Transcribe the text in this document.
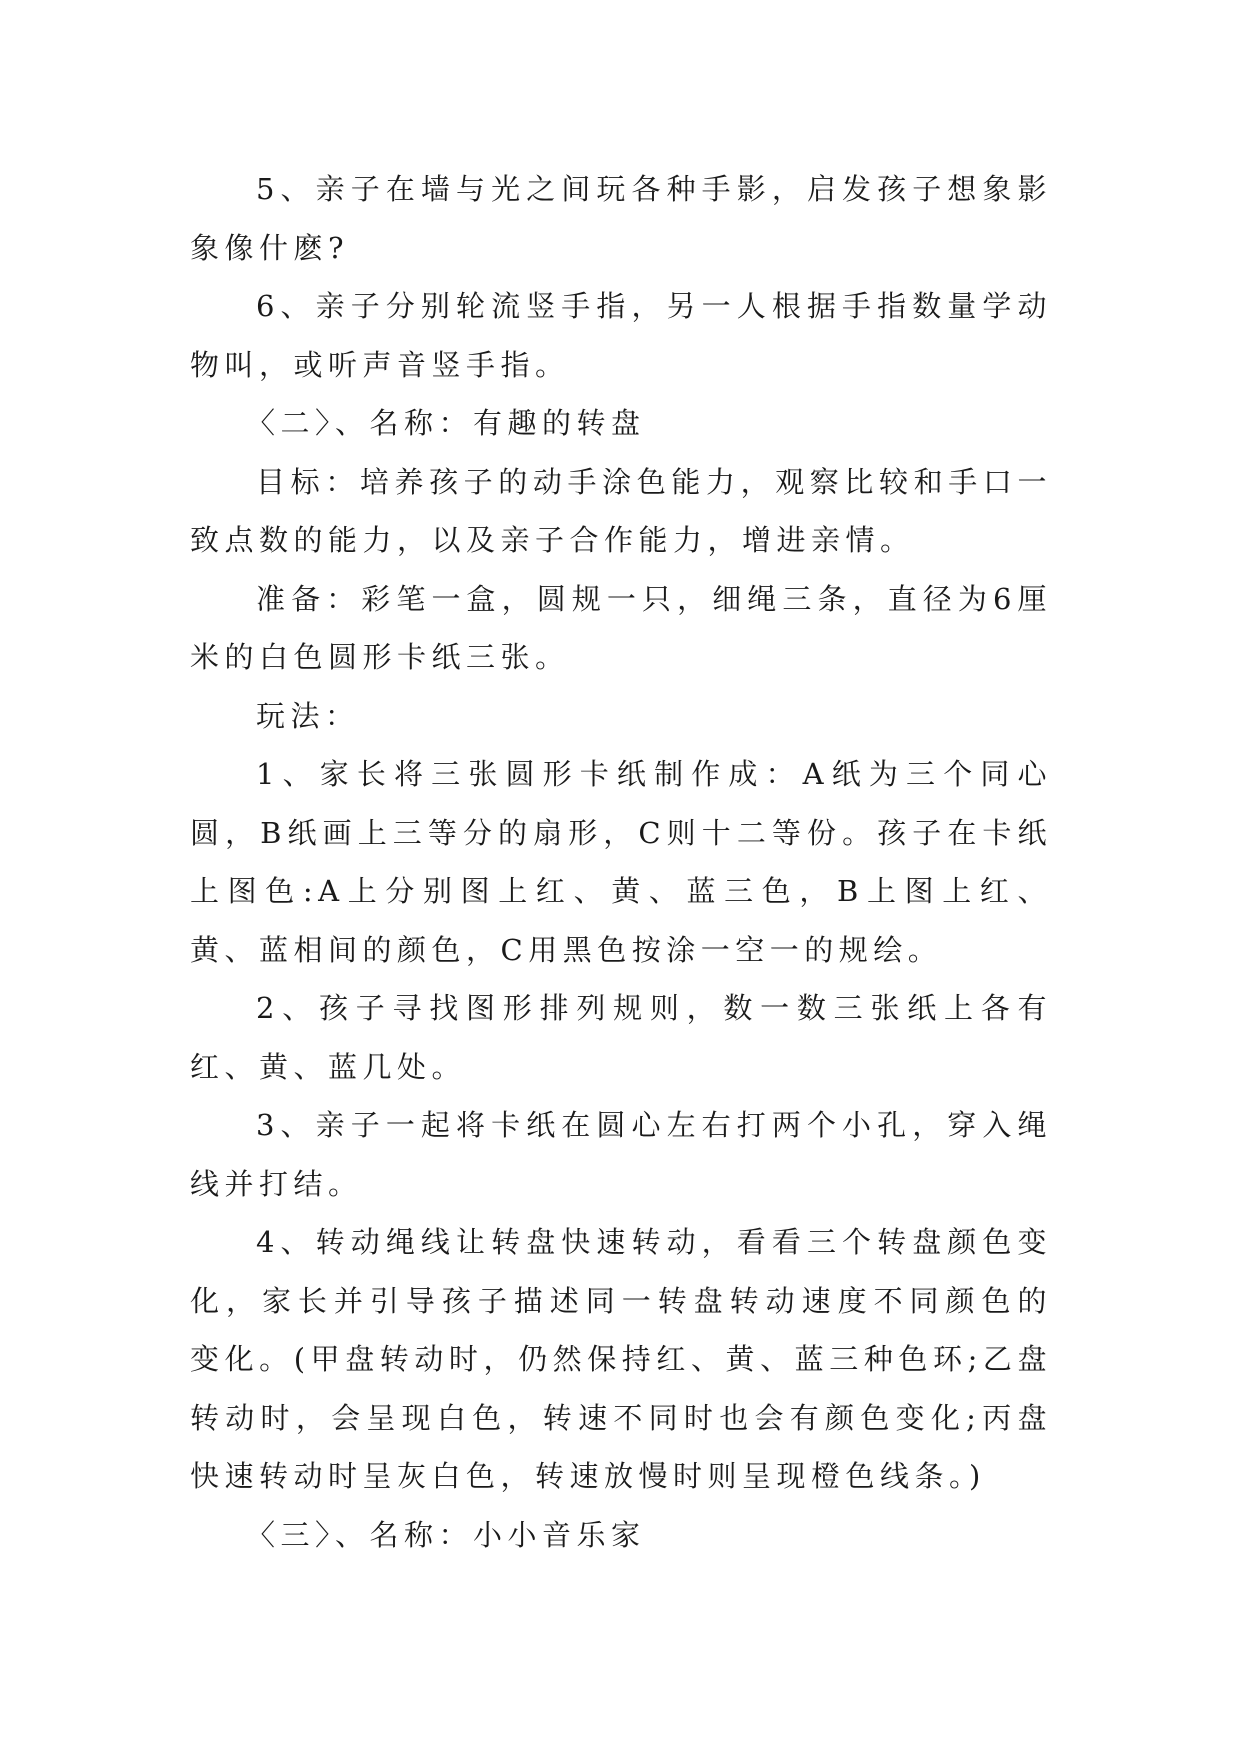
5、亲子在墙与光之间玩各种手影，启发孩子想象影象像什麽?

6、亲子分别轮流竖手指，另一人根据手指数量学动物叫，或听声音竖手指。

〈二〉、名称：有趣的转盘

目标：培养孩子的动手涂色能力，观察比较和手口一致点数的能力，以及亲子合作能力，增进亲情。

准备：彩笔一盒，圆规一只，细绳三条，直径为6厘米的白色圆形卡纸三张。

玩法：

1、家长将三张圆形卡纸制作成：A纸为三个同心圆，B纸画上三等分的扇形，C则十二等份。孩子在卡纸上图色:A上分别图上红、黄、蓝三色，B上图上红、黄、蓝相间的颜色，C用黑色按涂一空一的规绘。

2、孩子寻找图形排列规则，数一数三张纸上各有红、黄、蓝几处。

3、亲子一起将卡纸在圆心左右打两个小孔，穿入绳线并打结。

4、转动绳线让转盘快速转动，看看三个转盘颜色变化，家长并引导孩子描述同一转盘转动速度不同颜色的变化。(甲盘转动时，仍然保持红、黄、蓝三种色环;乙盘转动时，会呈现白色，转速不同时也会有颜色变化;丙盘快速转动时呈灰白色，转速放慢时则呈现橙色线条。)

〈三〉、名称：小小音乐家
